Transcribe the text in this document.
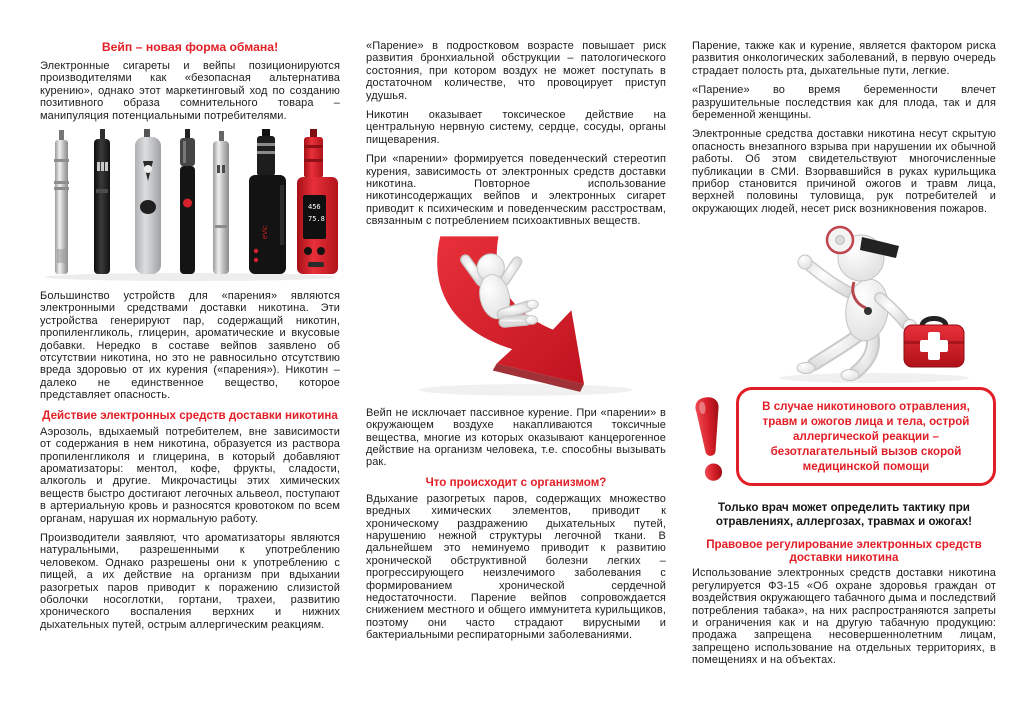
Вейп – новая форма обмана!

Электронные сигареты и вейпы позиционируются производителями как «безопасная альтернатива курению», однако этот маркетинговый ход по созданию позитивного образа сомнительного товара – манипуляция потенциальными потребителями.

eVic
456
75.8

Большинство устройств для «парения» являются электронными средствами доставки никотина. Эти устройства генерируют пар, содержащий никотин, пропиленгликоль, глицерин, ароматические и вкусовые добавки. Нередко в составе вейпов заявлено об отсутствии никотина, но это не равносильно отсутствию вреда здоровью от их курения («парения»). Никотин – далеко не единственное вещество, которое представляет опасность.

Действие электронных средств доставки никотина

Аэрозоль, вдыхаемый потребителем, вне зависимости от содержания в нем никотина, образуется из раствора пропиленгликоля и глицерина, в который добавляют ароматизаторы: ментол, кофе, фрукты, сладости, алкоголь и другие. Микрочастицы этих химических веществ быстро достигают легочных альвеол, поступают в артериальную кровь и разносятся кровотоком по всем органам, нарушая их нормальную работу.

Производители заявляют, что ароматизаторы являются натуральными, разрешенными к употреблению человеком. Однако разрешены они к употреблению с пищей, а их действие на организм при вдыхании разогретых паров приводит к поражению слизистой оболочки носоглотки, гортани, трахеи, развитию хронического воспаления верхних и нижних дыхательных путей, острым аллергическим реакциям.

«Парение» в подростковом возрасте повышает риск развития бронхиальной обструкции – патологического состояния, при котором воздух не может поступать в достаточном количестве, что провоцирует приступ удушья.

Никотин оказывает токсическое действие на центральную нервную систему, сердце, сосуды, органы пищеварения.

При «парении» формируется поведенческий стереотип курения, зависимость от электронных средств доставки никотина. Повторное использование никотинсодержащих вейпов и электронных сигарет приводит к психическим и поведенческим расстроствам, связанным с потреблением психоактивных веществ.

Вейп не исключает пассивное курение. При «парении» в окружающем воздухе накапливаются токсичные вещества, многие из которых оказывают канцерогенное действие на организм человека, т.е. способны вызывать рак.

Что происходит с организмом?

Вдыхание разогретых паров, содержащих множество вредных химических элементов, приводит к хроническому раздражению дыхательных путей, нарушению нежной структуры легочной ткани. В дальнейшем это неминуемо приводит к развитию хронической обструктивной болезни легких – прогрессирующего неизлечимого заболевания с формированием хронической сердечной недостаточности. Парение вейпов сопровождается снижением местного и общего иммунитета курильщиков, поэтому они часто страдают вирусными и бактериальными респираторными заболеваниями.

Парение, также как и курение, является фактором риска развития онкологических заболеваний, в первую очередь страдает полость рта, дыхательные пути, легкие.

«Парение» во время беременности влечет разрушительные последствия как для плода, так и для беременной женщины.

Электронные средства доставки никотина несут скрытую опасность внезапного взрыва при нарушении их обычной работы. Об этом свидетельствуют многочисленные публикации в СМИ. Взорвавшийся в руках курильщика прибор становится причиной ожогов и травм лица, верхней половины туловища, рук потребителей и окружающих людей, несет риск возникновения пожаров.

В случае никотинового отравления, травм и ожогов лица и тела, острой аллергической реакции – безотлагательный вызов скорой медицинской помощи
Только врач может определить тактику при отравлениях, аллергозах, травмах и ожогах!
Правовое регулирование электронных средств
доставки никотина

Использование электронных средств доставки никотина регулируется ФЗ-15 «Об охране здоровья граждан от воздействия окружающего табачного дыма и последствий потребления табака», на них распространяются запреты и ограничения как и на другую табачную продукцию: продажа запрещена несовершеннолетним лицам, запрещено использование на отдельных территориях, в помещениях и на объектах.
